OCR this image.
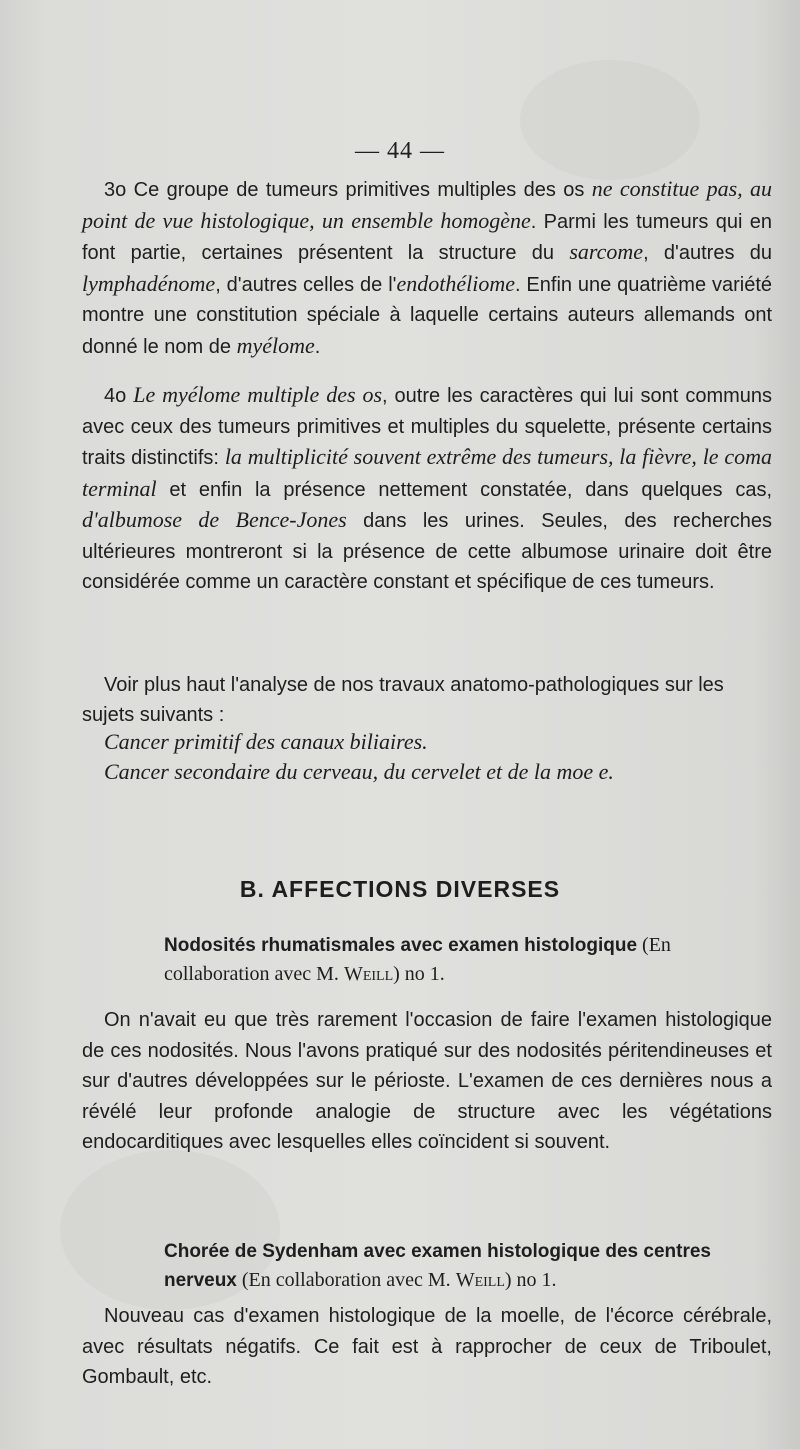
— 44 —

3o Ce groupe de tumeurs primitives multiples des os ne constitue pas, au point de vue histologique, un ensemble homogène. Parmi les tumeurs qui en font partie, certaines présentent la structure du sarcome, d'autres du lymphadénome, d'autres celles de l'endothéliome. Enfin une quatrième variété montre une constitution spéciale à laquelle certains auteurs allemands ont donné le nom de myélome.

4o Le myélome multiple des os, outre les caractères qui lui sont communs avec ceux des tumeurs primitives et multiples du squelette, présente certains traits distinctifs: la multiplicité souvent extrême des tumeurs, la fièvre, le coma terminal et enfin la présence nettement constatée, dans quelques cas, d'albumose de Bence-Jones dans les urines. Seules, des recherches ultérieures montreront si la présence de cette albumose urinaire doit être considérée comme un caractère constant et spécifique de ces tumeurs.

Voir plus haut l'analyse de nos travaux anatomo-pathologiques sur les sujets suivants :

Cancer primitif des canaux biliaires.

Cancer secondaire du cerveau, du cervelet et de la moe e.

B. AFFECTIONS DIVERSES

Nodosités rhumatismales avec examen histologique (En collaboration avec M. Weill) no 1.

On n'avait eu que très rarement l'occasion de faire l'examen histologique de ces nodosités. Nous l'avons pratiqué sur des nodosités péritendineuses et sur d'autres développées sur le périoste. L'examen de ces dernières nous a révélé leur profonde analogie de structure avec les végétations endocarditiques avec lesquelles elles coïncident si souvent.

Chorée de Sydenham avec examen histologique des centres nerveux (En collaboration avec M. Weill) no 1.

Nouveau cas d'examen histologique de la moelle, de l'écorce cérébrale, avec résultats négatifs. Ce fait est à rapprocher de ceux de Triboulet, Gombault, etc.
